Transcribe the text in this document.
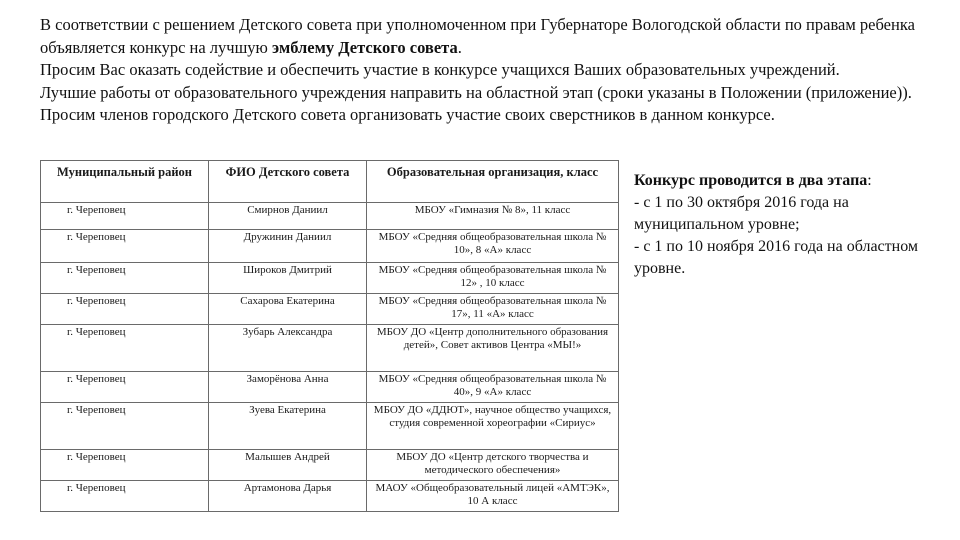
В соответствии с решением Детского совета при уполномоченном при Губернаторе Вологодской области по правам ребенка объявляется конкурс на лучшую эмблему Детского совета.

Просим Вас оказать содействие и обеспечить участие в конкурсе учащихся Ваших образовательных учреждений.

Лучшие работы от образовательного учреждения направить на областной этап (сроки указаны в Положении (приложение)).

Просим членов городского Детского совета организовать участие своих сверстников в данном конкурсе.

Муниципальный район	ФИО Детского совета	Образовательная организация, класс
г. Череповец	Смирнов Даниил	МБОУ «Гимназия № 8», 11 класс
г. Череповец	Дружинин Даниил	МБОУ «Средняя общеобразовательная школа № 10», 8 «А» класс
г. Череповец	Широков Дмитрий	МБОУ «Средняя общеобразовательная школа № 12» , 10 класс
г. Череповец	Сахарова Екатерина	МБОУ «Средняя общеобразовательная школа № 17», 11 «А» класс
г. Череповец	Зубарь Александра	МБОУ ДО «Центр дополнительного образования детей», Совет активов Центра «МЫ!»
г. Череповец	Заморёнова Анна	МБОУ «Средняя общеобразовательная школа № 40», 9 «А» класс
г. Череповец	Зуева Екатерина	МБОУ ДО «ДДЮТ», научное общество учащихся, студия современной хореографии «Сириус»
г. Череповец	Малышев Андрей	МБОУ ДО «Центр детского творчества и методического обеспечения»
г. Череповец	Артамонова Дарья	МАОУ «Общеобразовательный лицей «АМТЭК», 10 А класс

Конкурс проводится в два этапа:

- с 1 по 30 октября 2016 года на муниципальном уровне;

- с 1 по 10 ноября 2016 года на областном уровне.
